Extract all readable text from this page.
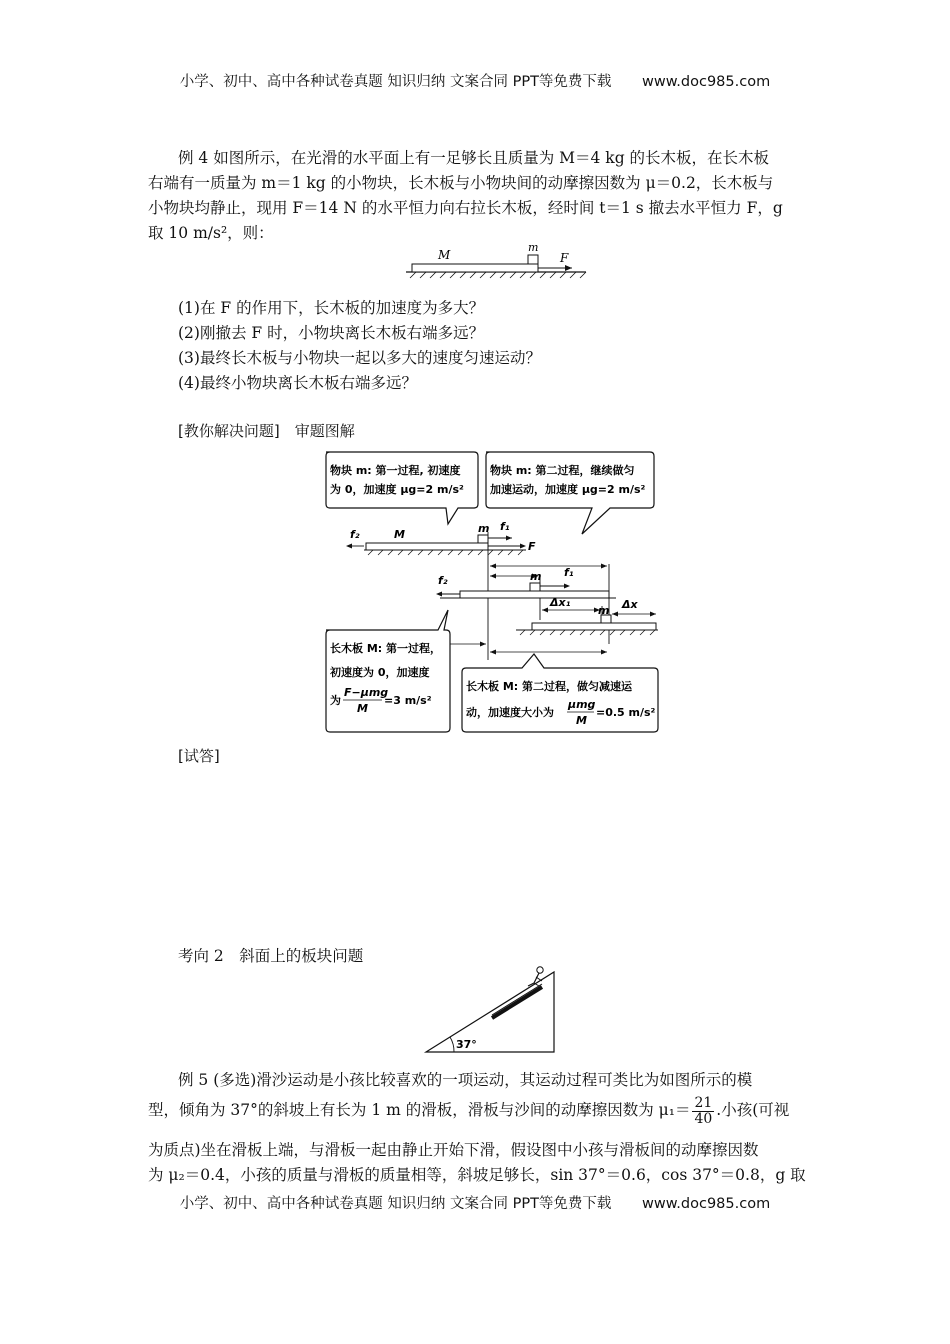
小学、初中、高中各种试卷真题 知识归纳 文案合同 PPT等免费下载 www.doc985.com
例 4 如图所示，在光滑的水平面上有一足够长且质量为 M＝4 kg 的长木板，在长木板
右端有一质量为 m＝1 kg 的小物块，长木板与小物块间的动摩擦因数为 μ＝0.2，长木板与
小物块均静止，现用 F＝14 N 的水平恒力向右拉长木板，经时间 t＝1 s 撤去水平恒力 F，g
取 10 m/s²，则：
M
m
F
(1)在 F 的作用下，长木板的加速度为多大？
(2)刚撤去 F 时，小物块离长木板右端多远？
(3)最终长木板与小物块一起以多大的速度匀速运动？
(4)最终小物块离长木板右端多远？
[教你解决问题]　审题图解
物块 m: 第一过程, 初速度
为 0，加速度 μg=2 m/s²
物块 m: 第二过程，继续做匀
加速运动，加速度 μg=2 m/s²
f₂	M	m f₁
F
f₂	m f₁
Δx₁	Δx
m
长木板 M: 第一过程，
初速度为 0，加速度
为
F−μmg
M
=3 m/s²
长木板 M: 第二过程，做匀减速运
动，加速度大小为
μmg
M
=0.5 m/s²
[试答]
考向 2　斜面上的板块问题
37°
例 5 (多选)滑沙运动是小孩比较喜欢的一项运动，其运动过程可类比为如图所示的模
型，倾角为 37°的斜坡上有长为 1 m 的滑板，滑板与沙间的动摩擦因数为 $\mu_1= \frac{21}{40}$ .小孩(可视
为质点)坐在滑板上端，与滑板一起由静止开始下滑，假设图中小孩与滑板间的动摩擦因数
为 μ₂＝0.4，小孩的质量与滑板的质量相等，斜坡足够长，sin 37°＝0.6，cos 37°＝0.8，g 取
小学、初中、高中各种试卷真题 知识归纳 文案合同 PPT等免费下载 www.doc985.com
